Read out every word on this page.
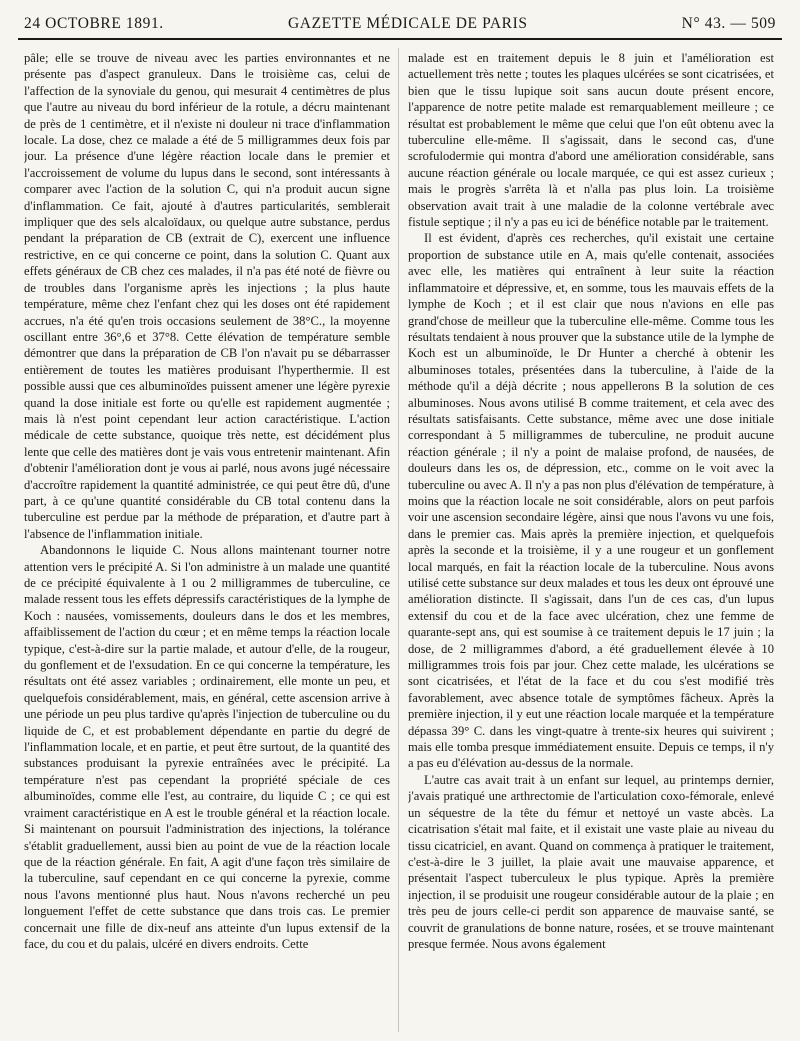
24 OCTOBRE 1891.	GAZETTE MÉDICALE DE PARIS	N° 43. — 509

pâle; elle se trouve de niveau avec les parties environnantes et ne présente pas d'aspect granuleux. Dans le troisième cas, celui de l'affection de la synoviale du genou, qui mesurait 4 centimètres de plus que l'autre au niveau du bord inférieur de la rotule, a décru maintenant de près de 1 centimètre, et il n'existe ni douleur ni trace d'inflammation locale. La dose, chez ce malade a été de 5 milligrammes deux fois par jour. La présence d'une légère réaction locale dans le premier et l'accroissement de volume du lupus dans le second, sont intéressants à comparer avec l'action de la solution C, qui n'a produit aucun signe d'inflammation. Ce fait, ajouté à d'autres particularités, semblerait impliquer que des sels alcaloïdaux, ou quelque autre substance, perdus pendant la préparation de CB (extrait de C), exercent une influence restrictive, en ce qui concerne ce point, dans la solution C. Quant aux effets généraux de CB chez ces malades, il n'a pas été noté de fièvre ou de troubles dans l'organisme après les injections ; la plus haute température, même chez l'enfant chez qui les doses ont été rapidement accrues, n'a été qu'en trois occasions seulement de 38°C., la moyenne oscillant entre 36°,6 et 37°8. Cette élévation de température semble démontrer que dans la préparation de CB l'on n'avait pu se débarrasser entièrement de toutes les matières produisant l'hyperthermie. Il est possible aussi que ces albuminoïdes puissent amener une légère pyrexie quand la dose initiale est forte ou qu'elle est rapidement augmentée ; mais là n'est point cependant leur action caractéristique. L'action médicale de cette substance, quoique très nette, est décidément plus lente que celle des matières dont je vais vous entretenir maintenant. Afin d'obtenir l'amélioration dont je vous ai parlé, nous avons jugé nécessaire d'accroître rapidement la quantité administrée, ce qui peut être dû, d'une part, à ce qu'une quantité considérable du CB total contenu dans la tuberculine est perdue par la méthode de préparation, et d'autre part à l'absence de l'inflammation initiale.

Abandonnons le liquide C. Nous allons maintenant tourner notre attention vers le précipité A. Si l'on administre à un malade une quantité de ce précipité équivalente à 1 ou 2 milligrammes de tuberculine, ce malade ressent tous les effets dépressifs caractéristiques de la lymphe de Koch : nausées, vomissements, douleurs dans le dos et les membres, affaiblissement de l'action du cœur ; et en même temps la réaction locale typique, c'est-à-dire sur la partie malade, et autour d'elle, de la rougeur, du gonflement et de l'exsudation. En ce qui concerne la température, les résultats ont été assez variables ; ordinairement, elle monte un peu, et quelquefois considérablement, mais, en général, cette ascension arrive à une période un peu plus tardive qu'après l'injection de tuberculine ou du liquide de C, et est probablement dépendante en partie du degré de l'inflammation locale, et en partie, et peut être surtout, de la quantité des substances produisant la pyrexie entraînées avec le précipité. La température n'est pas cependant la propriété spéciale de ces albuminoïdes, comme elle l'est, au contraire, du liquide C ; ce qui est vraiment caractéristique en A est le trouble général et la réaction locale. Si maintenant on poursuit l'administration des injections, la tolérance s'établit graduellement, aussi bien au point de vue de la réaction locale que de la réaction générale. En fait, A agit d'une façon très similaire de la tuberculine, sauf cependant en ce qui concerne la pyrexie, comme nous l'avons mentionné plus haut. Nous n'avons recherché un peu longuement l'effet de cette substance que dans trois cas. Le premier concernait une fille de dix-neuf ans atteinte d'un lupus extensif de la face, du cou et du palais, ulcéré en divers endroits. Cette

malade est en traitement depuis le 8 juin et l'amélioration est actuellement très nette ; toutes les plaques ulcérées se sont cicatrisées, et bien que le tissu lupique soit sans aucun doute présent encore, l'apparence de notre petite malade est remarquablement meilleure ; ce résultat est probablement le même que celui que l'on eût obtenu avec la tuberculine elle-même. Il s'agissait, dans le second cas, d'une scrofulodermie qui montra d'abord une amélioration considérable, sans aucune réaction générale ou locale marquée, ce qui est assez curieux ; mais le progrès s'arrêta là et n'alla pas plus loin. La troisième observation avait trait à une maladie de la colonne vertébrale avec fistule septique ; il n'y a pas eu ici de bénéfice notable par le traitement.

Il est évident, d'après ces recherches, qu'il existait une certaine proportion de substance utile en A, mais qu'elle contenait, associées avec elle, les matières qui entraînent à leur suite la réaction inflammatoire et dépressive, et, en somme, tous les mauvais effets de la lymphe de Koch ; et il est clair que nous n'avions en elle pas grand'chose de meilleur que la tuberculine elle-même. Comme tous les résultats tendaient à nous prouver que la substance utile de la lymphe de Koch est un albuminoïde, le Dr Hunter a cherché à obtenir les albuminoses totales, présentées dans la tuberculine, à l'aide de la méthode qu'il a déjà décrite ; nous appellerons B la solution de ces albuminoses. Nous avons utilisé B comme traitement, et cela avec des résultats satisfaisants. Cette substance, même avec une dose initiale correspondant à 5 milligrammes de tuberculine, ne produit aucune réaction générale ; il n'y a point de malaise profond, de nausées, de douleurs dans les os, de dépression, etc., comme on le voit avec la tuberculine ou avec A. Il n'y a pas non plus d'élévation de température, à moins que la réaction locale ne soit considérable, alors on peut parfois voir une ascension secondaire légère, ainsi que nous l'avons vu une fois, dans le premier cas. Mais après la première injection, et quelquefois après la seconde et la troisième, il y a une rougeur et un gonflement local marqués, en fait la réaction locale de la tuberculine. Nous avons utilisé cette substance sur deux malades et tous les deux ont éprouvé une amélioration distincte. Il s'agissait, dans l'un de ces cas, d'un lupus extensif du cou et de la face avec ulcération, chez une femme de quarante-sept ans, qui est soumise à ce traitement depuis le 17 juin ; la dose, de 2 milligrammes d'abord, a été graduellement élevée à 10 milligrammes trois fois par jour. Chez cette malade, les ulcérations se sont cicatrisées, et l'état de la face et du cou s'est modifié très favorablement, avec absence totale de symptômes fâcheux. Après la première injection, il y eut une réaction locale marquée et la température dépassa 39° C. dans les vingt-quatre à trente-six heures qui suivirent ; mais elle tomba presque immédiatement ensuite. Depuis ce temps, il n'y a pas eu d'élévation au-dessus de la normale.

L'autre cas avait trait à un enfant sur lequel, au printemps dernier, j'avais pratiqué une arthrectomie de l'articulation coxo-fémorale, enlevé un séquestre de la tête du fémur et nettoyé un vaste abcès. La cicatrisation s'était mal faite, et il existait une vaste plaie au niveau du tissu cicatriciel, en avant. Quand on commença à pratiquer le traitement, c'est-à-dire le 3 juillet, la plaie avait une mauvaise apparence, et présentait l'aspect tuberculeux le plus typique. Après la première injection, il se produisit une rougeur considérable autour de la plaie ; en très peu de jours celle-ci perdit son apparence de mauvaise santé, se couvrit de granulations de bonne nature, rosées, et se trouve maintenant presque fermée. Nous avons également
